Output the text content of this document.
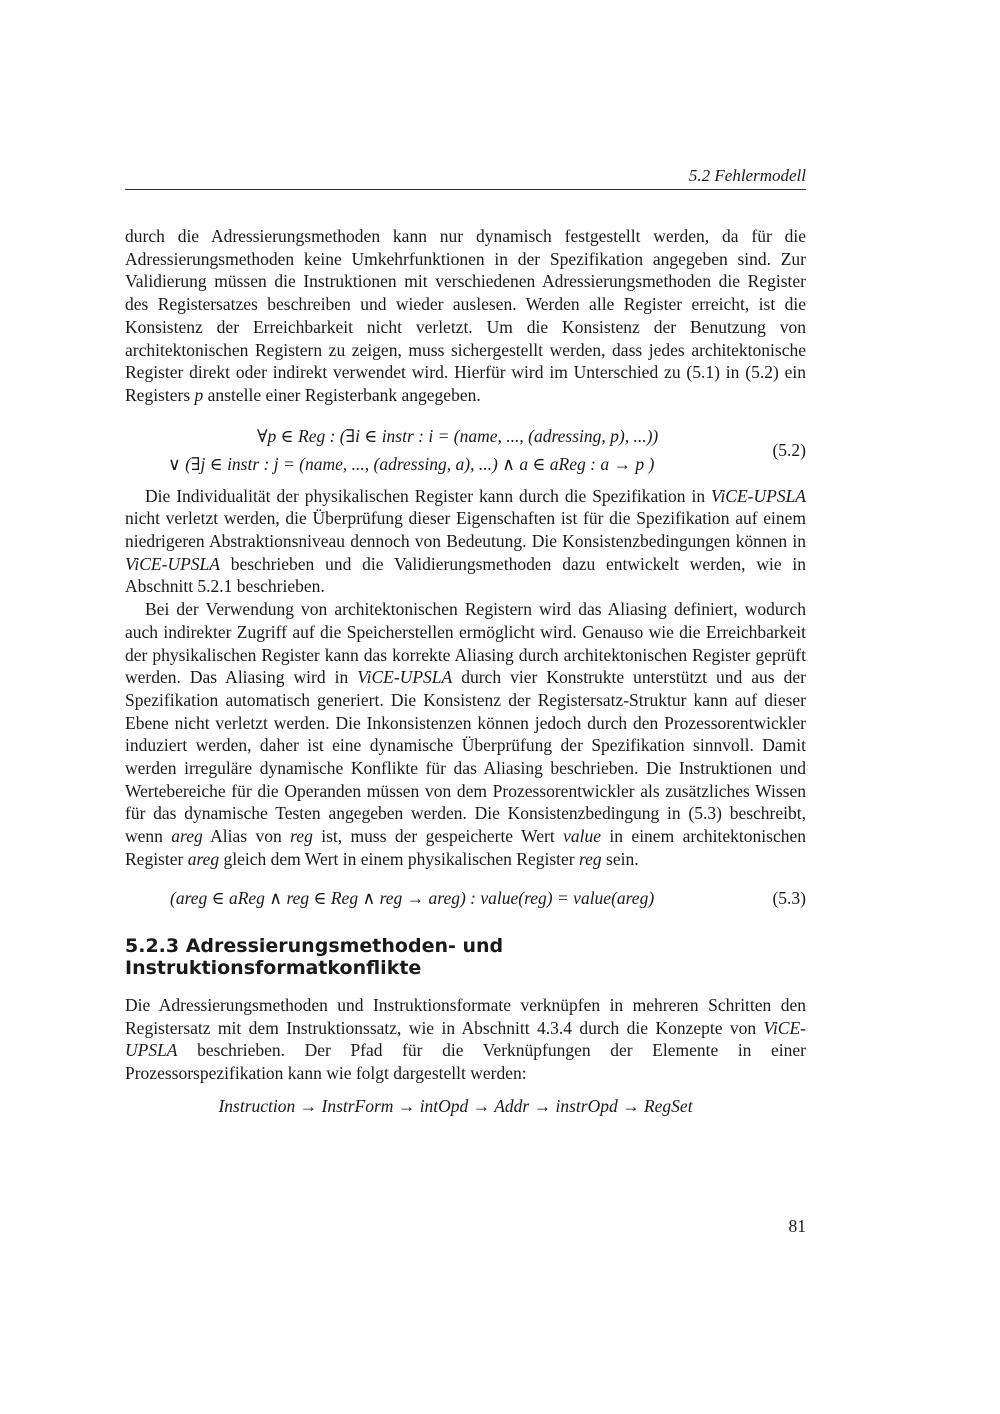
5.2 Fehlermodell

durch die Adressierungsmethoden kann nur dynamisch festgestellt werden, da für die Adressierungsmethoden keine Umkehrfunktionen in der Spezifikation angegeben sind. Zur Validierung müssen die Instruktionen mit verschiedenen Adressierungsmethoden die Register des Registersatzes beschreiben und wieder auslesen. Werden alle Register erreicht, ist die Konsistenz der Erreichbarkeit nicht verletzt. Um die Konsistenz der Benutzung von architektonischen Registern zu zeigen, muss sichergestellt werden, dass jedes architektonische Register direkt oder indirekt verwendet wird. Hierfür wird im Unterschied zu (5.1) in (5.2) ein Registers p anstelle einer Registerbank angegeben.

∀p ∈ Reg : (∃i ∈ instr : i = (name, ..., (adressing, p), ...))
∨ (∃j ∈ instr : j = (name, ..., (adressing, a), ...) ∧ a ∈ aReg : a → p )
(5.2)

Die Individualität der physikalischen Register kann durch die Spezifikation in ViCE-UPSLA nicht verletzt werden, die Überprüfung dieser Eigenschaften ist für die Spezifikation auf einem niedrigeren Abstraktionsniveau dennoch von Bedeutung. Die Konsistenzbedingungen können in ViCE-UPSLA beschrieben und die Validierungsmethoden dazu entwickelt werden, wie in Abschnitt 5.2.1 beschrieben.

Bei der Verwendung von architektonischen Registern wird das Aliasing definiert, wodurch auch indirekter Zugriff auf die Speicherstellen ermöglicht wird. Genauso wie die Erreichbarkeit der physikalischen Register kann das korrekte Aliasing durch architektonischen Register geprüft werden. Das Aliasing wird in ViCE-UPSLA durch vier Konstrukte unterstützt und aus der Spezifikation automatisch generiert. Die Konsistenz der Registersatz-Struktur kann auf dieser Ebene nicht verletzt werden. Die Inkonsistenzen können jedoch durch den Prozessorentwickler induziert werden, daher ist eine dynamische Überprüfung der Spezifikation sinnvoll. Damit werden irreguläre dynamische Konflikte für das Aliasing beschrieben. Die Instruktionen und Wertebereiche für die Operanden müssen von dem Prozessorentwickler als zusätzliches Wissen für das dynamische Testen angegeben werden. Die Konsistenzbedingung in (5.3) beschreibt, wenn areg Alias von reg ist, muss der gespeicherte Wert value in einem architektonischen Register areg gleich dem Wert in einem physikalischen Register reg sein.

(areg ∈ aReg ∧ reg ∈ Reg ∧ reg → areg) : value(reg) = value(areg)	(5.3)
5.2.3 Adressierungsmethoden- und Instruktionsformatkonflikte

Die Adressierungsmethoden und Instruktionsformate verknüpfen in mehreren Schritten den Registersatz mit dem Instruktionssatz, wie in Abschnitt 4.3.4 durch die Konzepte von ViCE-UPSLA beschrieben. Der Pfad für die Verknüpfungen der Elemente in einer Prozessorspezifikation kann wie folgt dargestellt werden:

Instruction → InstrForm → intOpd → Addr → instrOpd → RegSet
81
